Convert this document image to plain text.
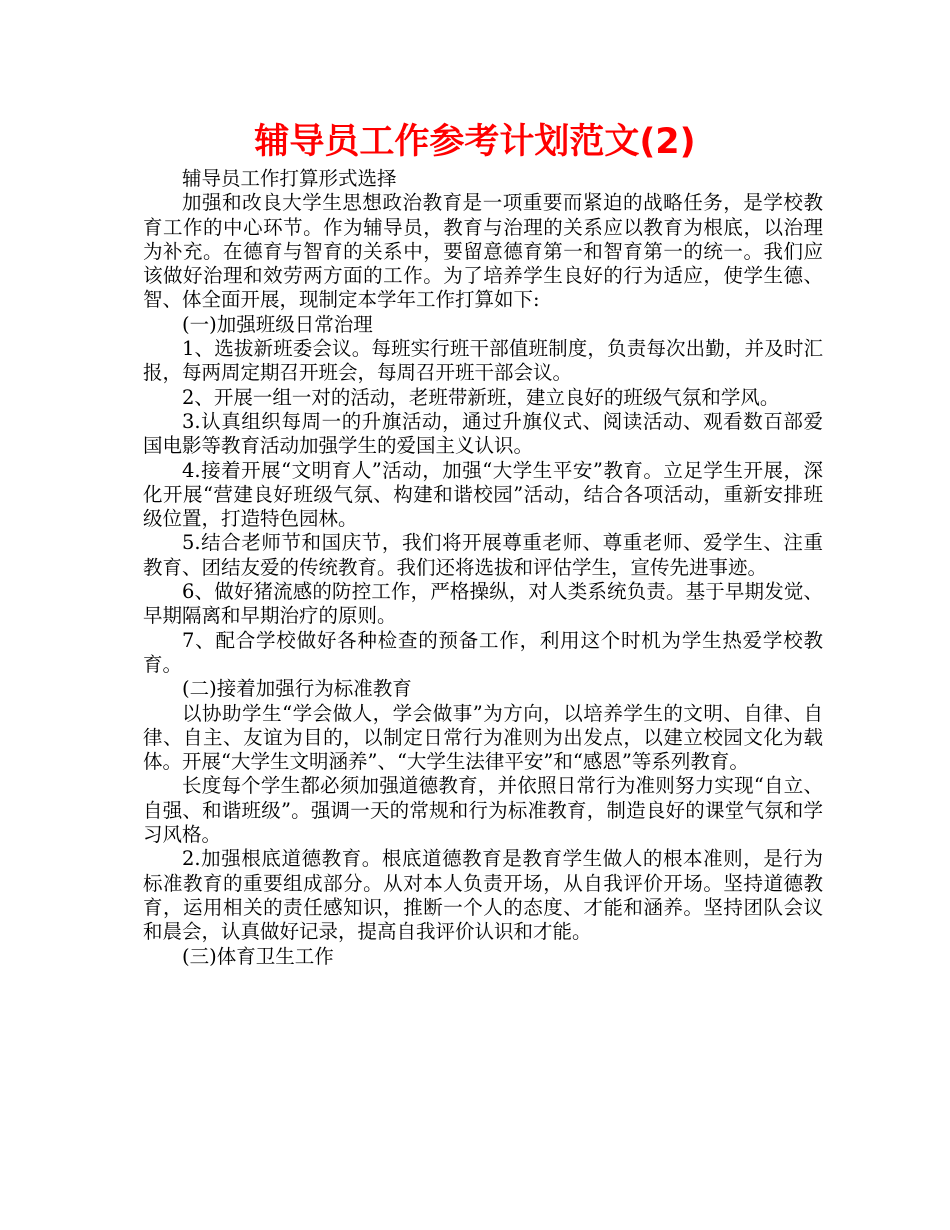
辅导员工作参考计划范文(2)

辅导员工作打算形式选择

加强和改良大学生思想政治教育是一项重要而紧迫的战略任务，是学校教育工作的中心环节。作为辅导员，教育与治理的关系应以教育为根底，以治理为补充。在德育与智育的关系中，要留意德育第一和智育第一的统一。我们应该做好治理和效劳两方面的工作。为了培养学生良好的行为适应，使学生德、智、体全面开展，现制定本学年工作打算如下:

(一)加强班级日常治理

1、选拔新班委会议。每班实行班干部值班制度，负责每次出勤，并及时汇报，每两周定期召开班会，每周召开班干部会议。

2、开展一组一对的活动，老班带新班，建立良好的班级气氛和学风。

3.认真组织每周一的升旗活动，通过升旗仪式、阅读活动、观看数百部爱国电影等教育活动加强学生的爱国主义认识。

4.接着开展“文明育人”活动，加强“大学生平安”教育。立足学生开展，深化开展“营建良好班级气氛、构建和谐校园”活动，结合各项活动，重新安排班级位置，打造特色园林。

5.结合老师节和国庆节，我们将开展尊重老师、尊重老师、爱学生、注重教育、团结友爱的传统教育。我们还将选拔和评估学生，宣传先进事迹。

6、做好猪流感的防控工作，严格操纵，对人类系统负责。基于早期发觉、早期隔离和早期治疗的原则。

7、配合学校做好各种检查的预备工作，利用这个时机为学生热爱学校教育。

(二)接着加强行为标准教育

以协助学生“学会做人，学会做事”为方向，以培养学生的文明、自律、自律、自主、友谊为目的，以制定日常行为准则为出发点，以建立校园文化为载体。开展“大学生文明涵养”、“大学生法律平安”和“感恩”等系列教育。

长度每个学生都必须加强道德教育，并依照日常行为准则努力实现“自立、自强、和谐班级”。强调一天的常规和行为标准教育，制造良好的课堂气氛和学习风格。

2.加强根底道德教育。根底道德教育是教育学生做人的根本准则，是行为标准教育的重要组成部分。从对本人负责开场，从自我评价开场。坚持道德教育，运用相关的责任感知识，推断一个人的态度、才能和涵养。坚持团队会议和晨会，认真做好记录，提高自我评价认识和才能。

(三)体育卫生工作
